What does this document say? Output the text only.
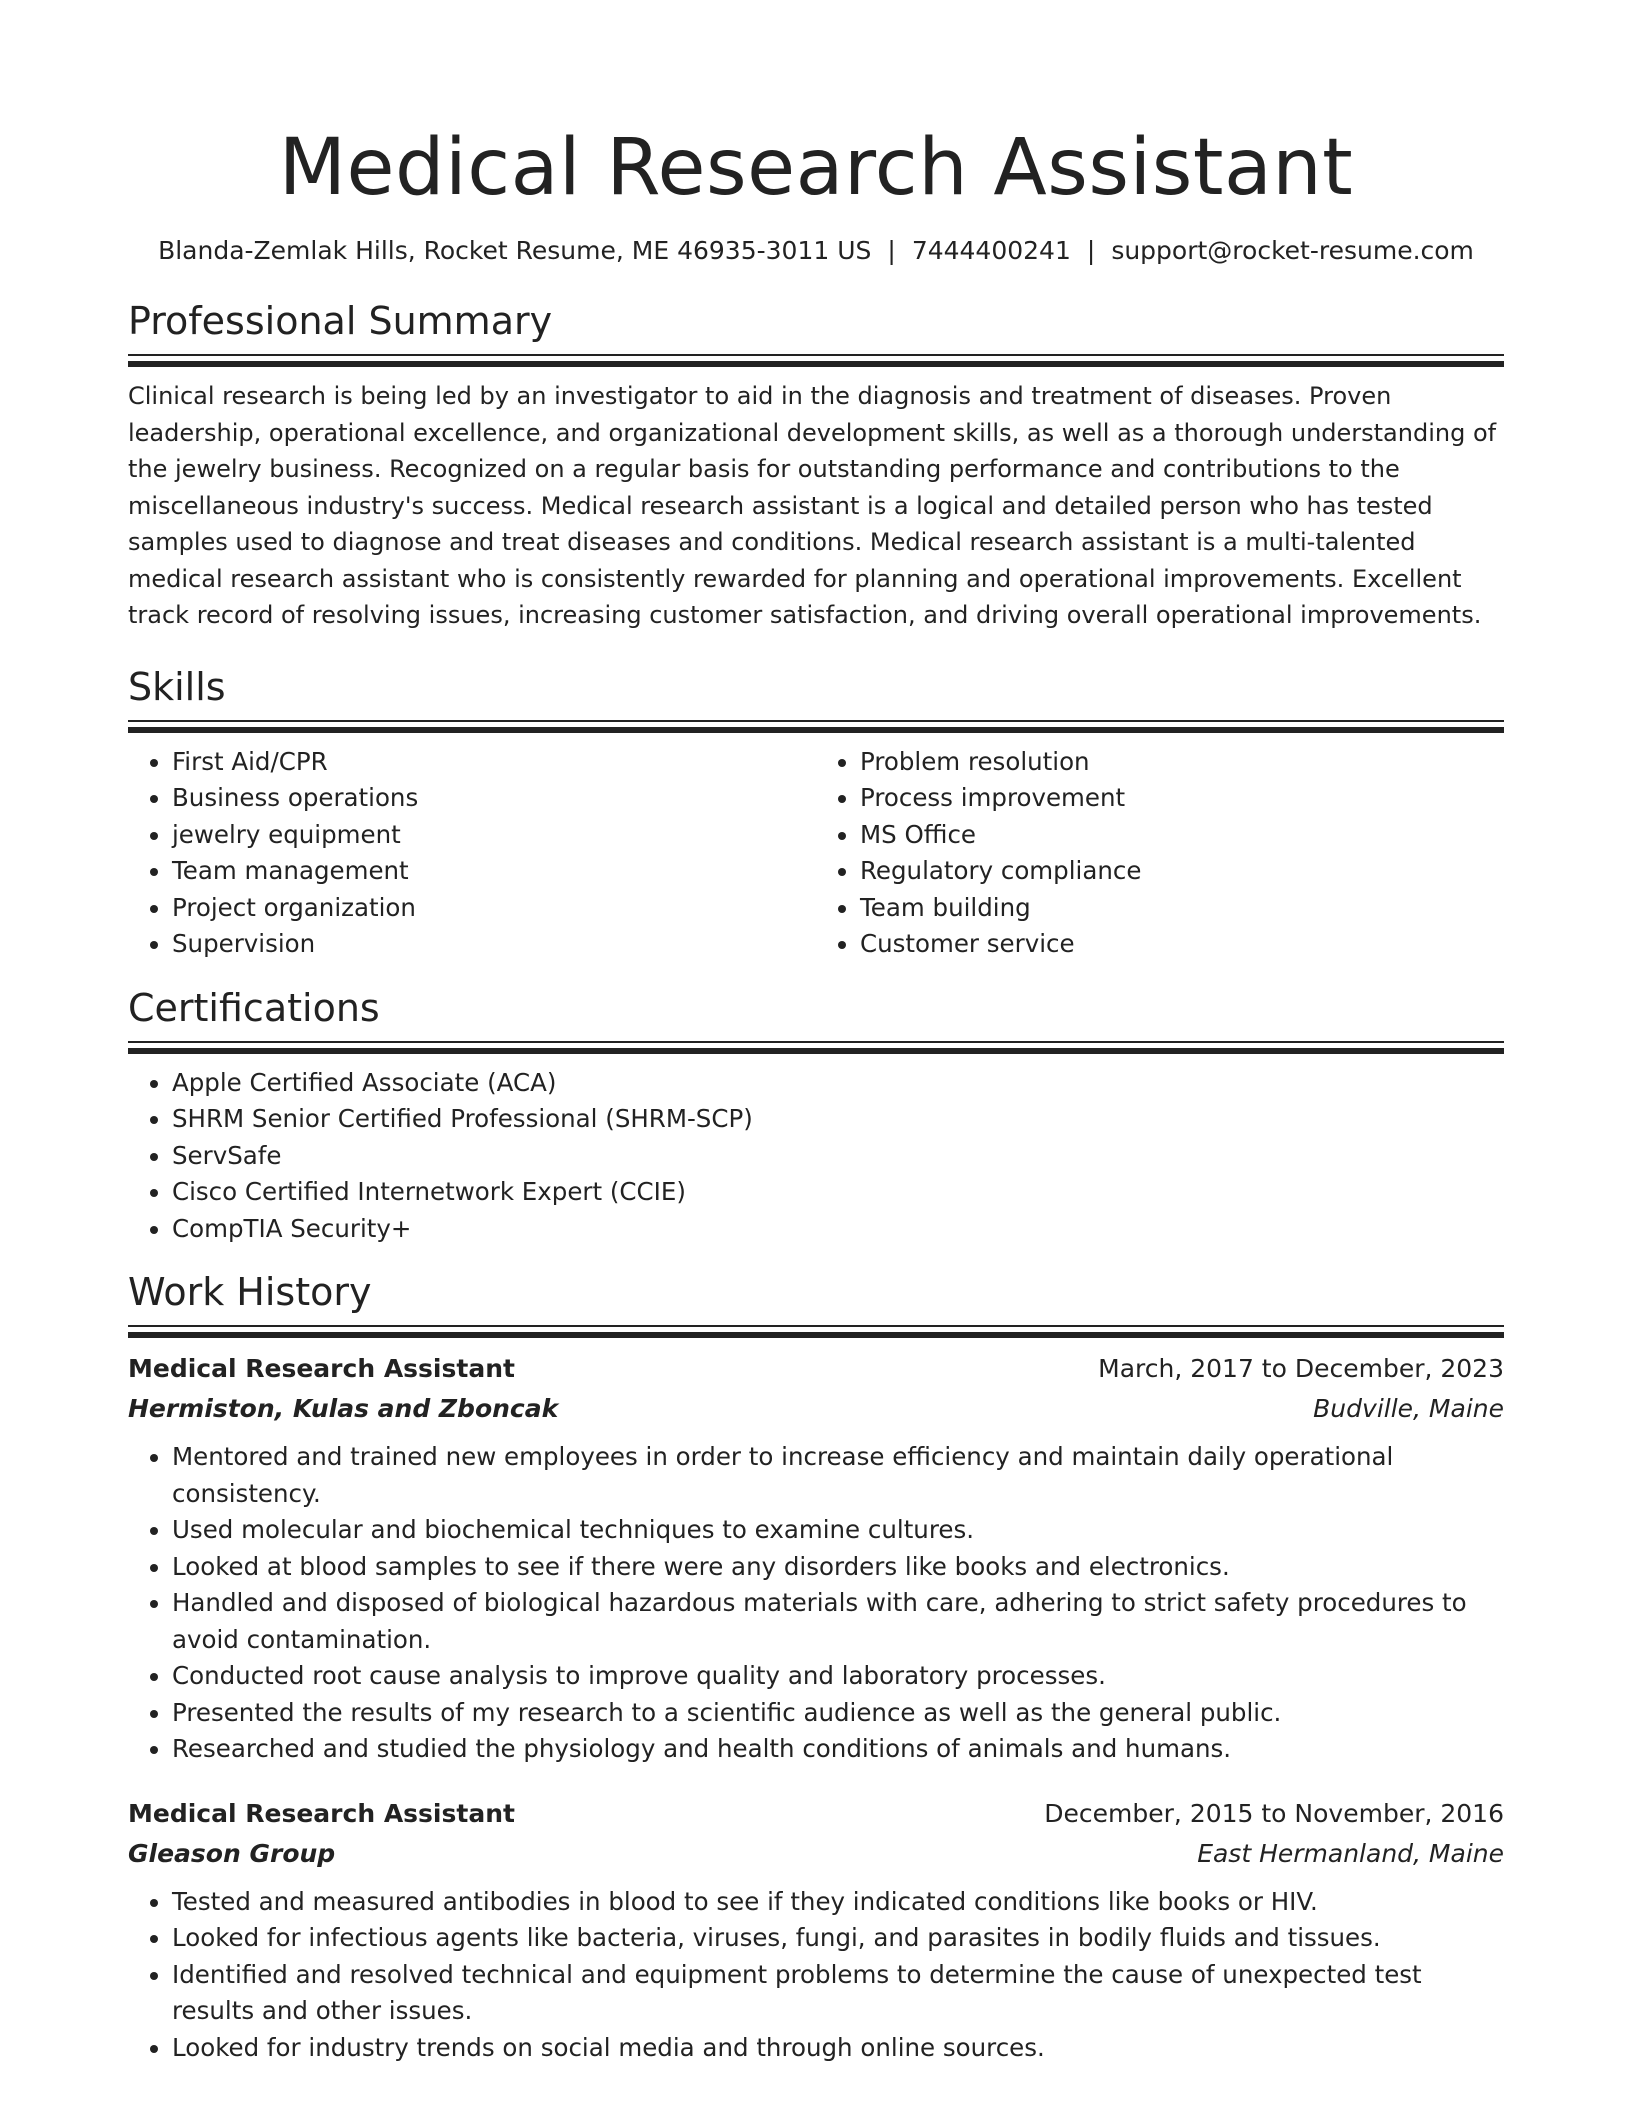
Medical Research Assistant
Blanda-Zemlak Hills, Rocket Resume, ME 46935-3011 US | 7444400241 | support@rocket-resume.com
Professional Summary

Clinical research is being led by an investigator to aid in the diagnosis and treatment of diseases. Proven leadership, operational excellence, and organizational development skills, as well as a thorough understanding of the jewelry business. Recognized on a regular basis for outstanding performance and contributions to the miscellaneous industry's success. Medical research assistant is a logical and detailed person who has tested samples used to diagnose and treat diseases and conditions. Medical research assistant is a multi-talented medical research assistant who is consistently rewarded for planning and operational improvements. Excellent track record of resolving issues, increasing customer satisfaction, and driving overall operational improvements.

Skills
• First Aid/CPR
• Business operations
• jewelry equipment
• Team management
• Project organization
• Supervision
• Problem resolution
• Process improvement
• MS Office
• Regulatory compliance
• Team building
• Customer service
Certifications
• Apple Certified Associate (ACA)
• SHRM Senior Certified Professional (SHRM-SCP)
• ServSafe
• Cisco Certified Internetwork Expert (CCIE)
• CompTIA Security+
Work History
Medical Research Assistant	March, 2017 to December, 2023
Hermiston, Kulas and Zboncak	Budville, Maine
• Mentored and trained new employees in order to increase efficiency and maintain daily operational consistency.
• Used molecular and biochemical techniques to examine cultures.
• Looked at blood samples to see if there were any disorders like books and electronics.
• Handled and disposed of biological hazardous materials with care, adhering to strict safety procedures to avoid contamination.
• Conducted root cause analysis to improve quality and laboratory processes.
• Presented the results of my research to a scientific audience as well as the general public.
• Researched and studied the physiology and health conditions of animals and humans.
Medical Research Assistant	December, 2015 to November, 2016
Gleason Group	East Hermanland, Maine
• Tested and measured antibodies in blood to see if they indicated conditions like books or HIV.
• Looked for infectious agents like bacteria, viruses, fungi, and parasites in bodily fluids and tissues.
• Identified and resolved technical and equipment problems to determine the cause of unexpected test results and other issues.
• Looked for industry trends on social media and through online sources.
